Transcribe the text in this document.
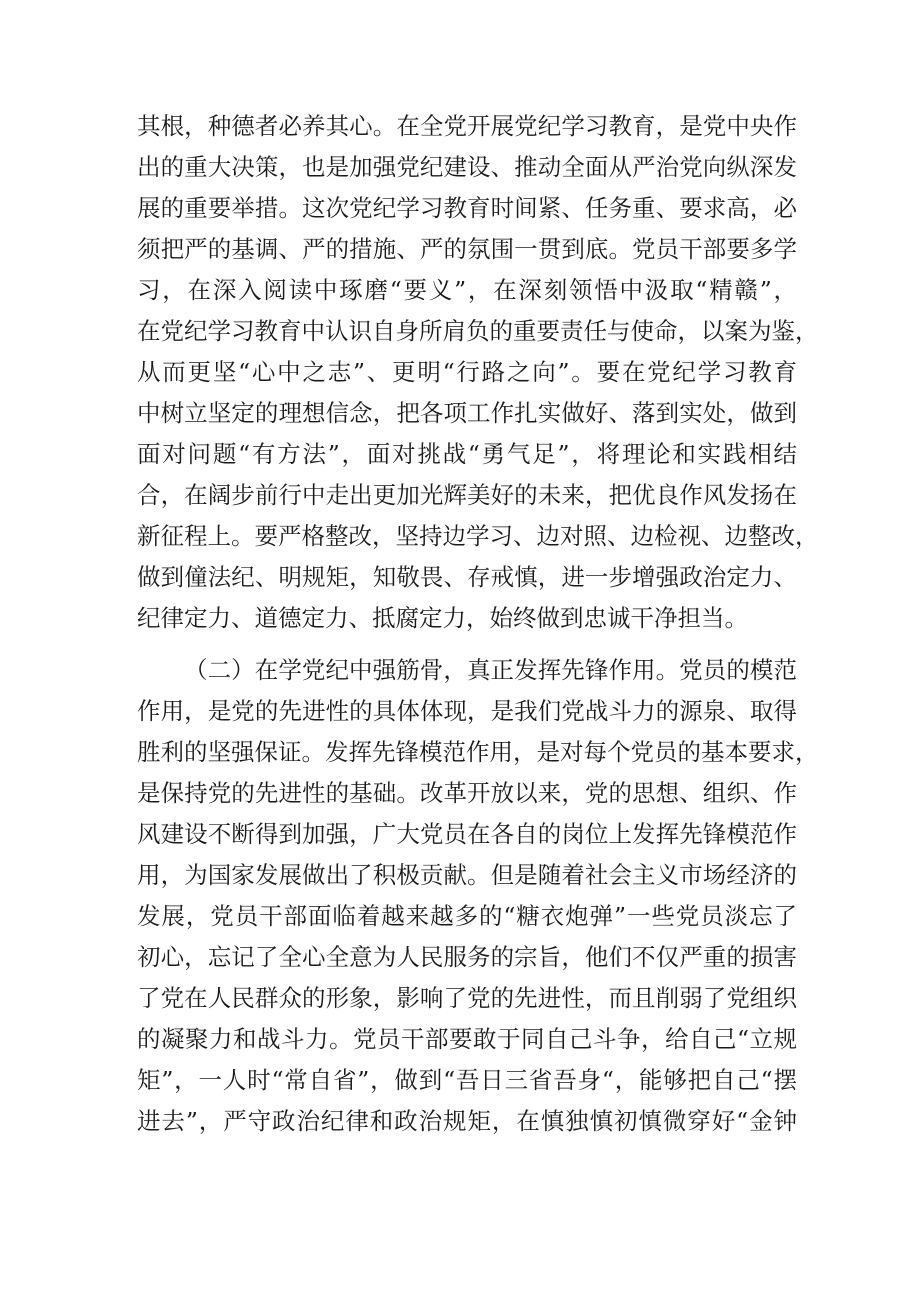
其根，种德者必养其心。在全党开展党纪学习教育，是党中央作
出的重大决策，也是加强党纪建设、推动全面从严治党向纵深发
展的重要举措。这次党纪学习教育时间紧、任务重、要求高，必
须把严的基调、严的措施、严的氛围一贯到底。党员干部要多学
习，在深入阅读中琢磨“要义”，在深刻领悟中汲取“精赣”，
在党纪学习教育中认识自身所肩负的重要责任与使命，以案为鉴，
从而更坚“心中之志”、更明“行路之向”。要在党纪学习教育
中树立坚定的理想信念，把各项工作扎实做好、落到实处，做到
面对问题“有方法”，面对挑战“勇气足”，将理论和实践相结
合，在阔步前行中走出更加光辉美好的未来，把优良作风发扬在
新征程上。要严格整改，坚持边学习、边对照、边检视、边整改，
做到僮法纪、明规矩，知敬畏、存戒慎，进一步增强政治定力、
纪律定力、道德定力、抵腐定力，始终做到忠诚干净担当。
（二）在学党纪中强筋骨，真正发挥先锋作用。党员的模范
作用，是党的先进性的具体体现，是我们党战斗力的源泉、取得
胜利的坚强保证。发挥先锋模范作用，是对每个党员的基本要求，
是保持党的先进性的基础。改革开放以来，党的思想、组织、作
风建设不断得到加强，广大党员在各自的岗位上发挥先锋模范作
用，为国家发展做出了积极贡献。但是随着社会主义市场经济的
发展，党员干部面临着越来越多的“糖衣炮弹”一些党员淡忘了
初心，忘记了全心全意为人民服务的宗旨，他们不仅严重的损害
了党在人民群众的形象，影响了党的先进性，而且削弱了党组织
的凝聚力和战斗力。党员干部要敢于同自己斗争，给自己“立规
矩”，一人时“常自省”，做到“吾日三省吾身“，能够把自己“摆
进去”，严守政治纪律和政治规矩，在慎独慎初慎微穿好“金钟
